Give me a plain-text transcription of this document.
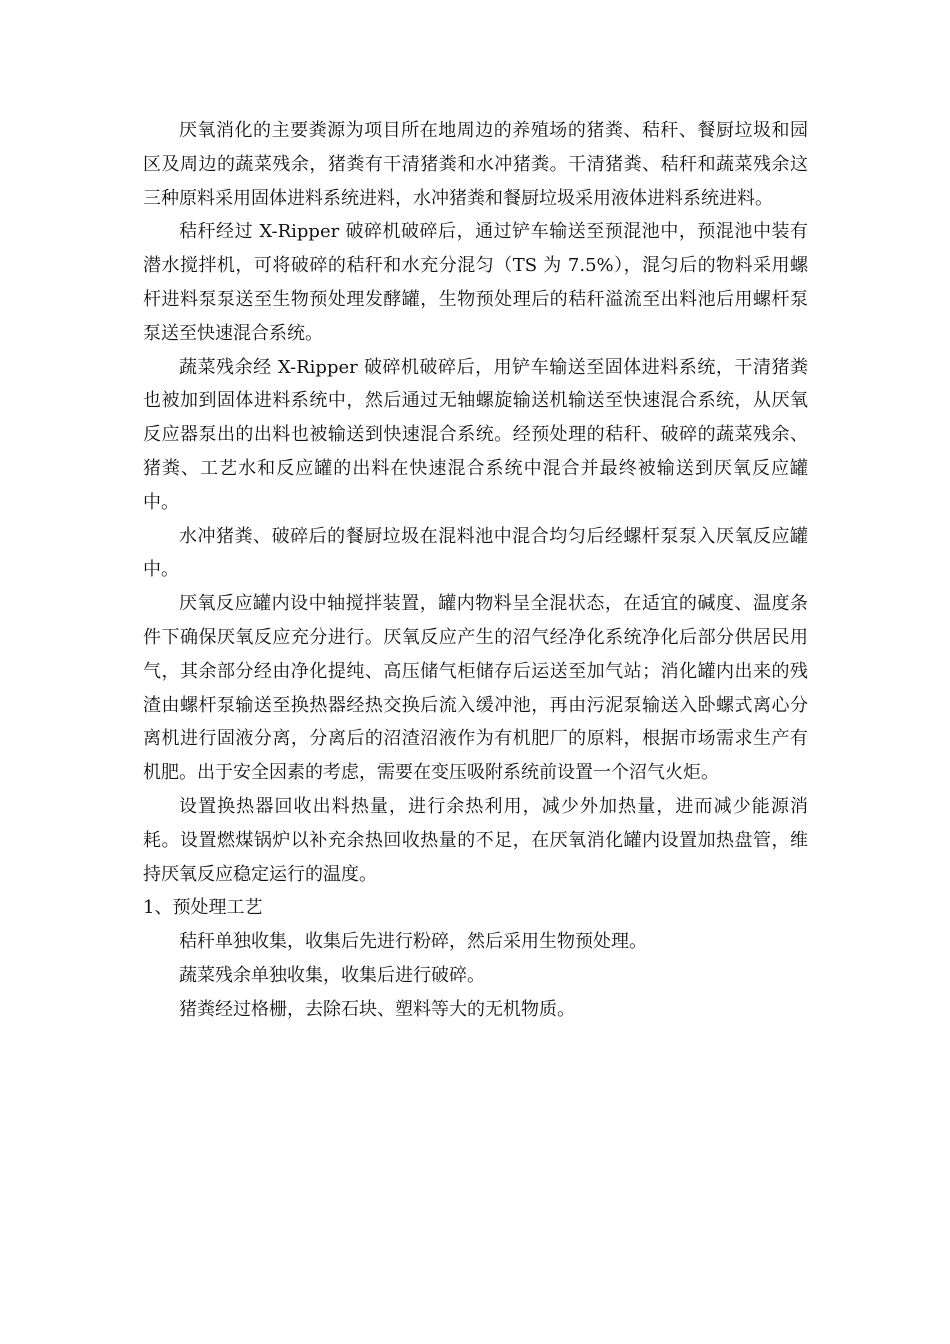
厌氧消化的主要粪源为项目所在地周边的养殖场的猪粪、秸秆、餐厨垃圾和园区及周边的蔬菜残余，猪粪有干清猪粪和水冲猪粪。干清猪粪、秸秆和蔬菜残余这三种原料采用固体进料系统进料，水冲猪粪和餐厨垃圾采用液体进料系统进料。

秸秆经过 X-Ripper 破碎机破碎后，通过铲车输送至预混池中，预混池中装有潜水搅拌机，可将破碎的秸秆和水充分混匀（TS 为 7.5%），混匀后的物料采用螺杆进料泵泵送至生物预处理发酵罐，生物预处理后的秸秆溢流至出料池后用螺杆泵泵送至快速混合系统。

蔬菜残余经 X-Ripper 破碎机破碎后，用铲车输送至固体进料系统，干清猪粪也被加到固体进料系统中，然后通过无轴螺旋输送机输送至快速混合系统，从厌氧反应器泵出的出料也被输送到快速混合系统。经预处理的秸秆、破碎的蔬菜残余、猪粪、工艺水和反应罐的出料在快速混合系统中混合并最终被输送到厌氧反应罐中。

水冲猪粪、破碎后的餐厨垃圾在混料池中混合均匀后经螺杆泵泵入厌氧反应罐中。

厌氧反应罐内设中轴搅拌装置，罐内物料呈全混状态，在适宜的碱度、温度条件下确保厌氧反应充分进行。厌氧反应产生的沼气经净化系统净化后部分供居民用气，其余部分经由净化提纯、高压储气柜储存后运送至加气站；消化罐内出来的残渣由螺杆泵输送至换热器经热交换后流入缓冲池，再由污泥泵输送入卧螺式离心分离机进行固液分离，分离后的沼渣沼液作为有机肥厂的原料，根据市场需求生产有机肥。出于安全因素的考虑，需要在变压吸附系统前设置一个沼气火炬。

设置换热器回收出料热量，进行余热利用，减少外加热量，进而减少能源消耗。设置燃煤锅炉以补充余热回收热量的不足，在厌氧消化罐内设置加热盘管，维持厌氧反应稳定运行的温度。

1、预处理工艺

秸秆单独收集，收集后先进行粉碎，然后采用生物预处理。

蔬菜残余单独收集，收集后进行破碎。

猪粪经过格栅，去除石块、塑料等大的无机物质。
